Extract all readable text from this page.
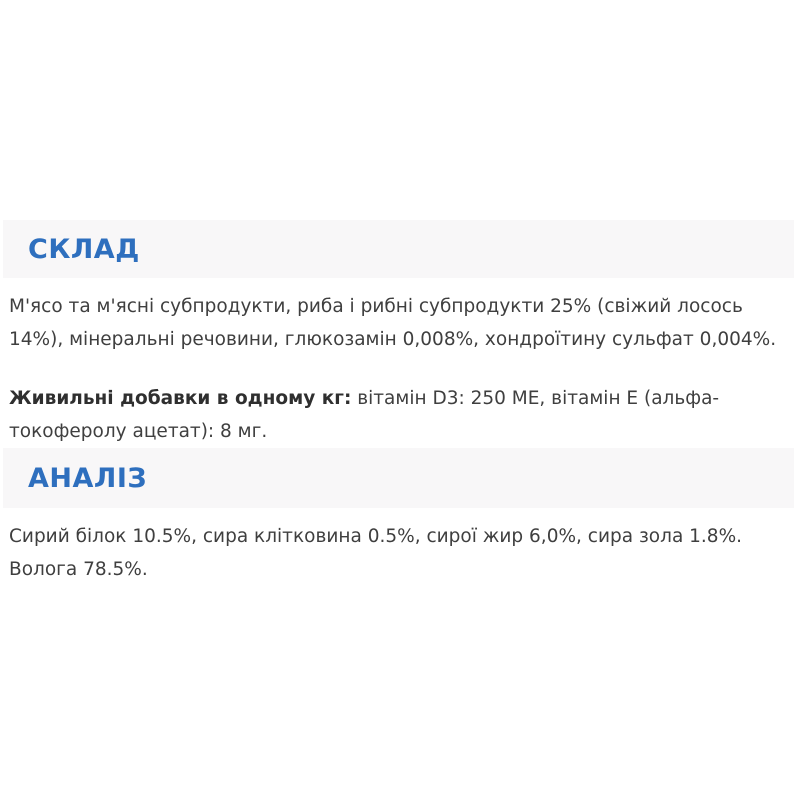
СКЛАД

М'ясо та м'ясні субпродукти, риба і рибні субпродукти 25% (свіжий лосось 14%), мінеральні речовини, глюкозамін 0,008%, хондроїтину сульфат 0,004%.

Живильні добавки в одному кг: вітамін D3: 250 МЕ, вітамін Е (альфа-токоферолу ацетат): 8 мг.

АНАЛІЗ

Сирий білок 10.5%, сира клітковина 0.5%, сирої жир 6,0%, сира зола 1.8%. Волога 78.5%.
